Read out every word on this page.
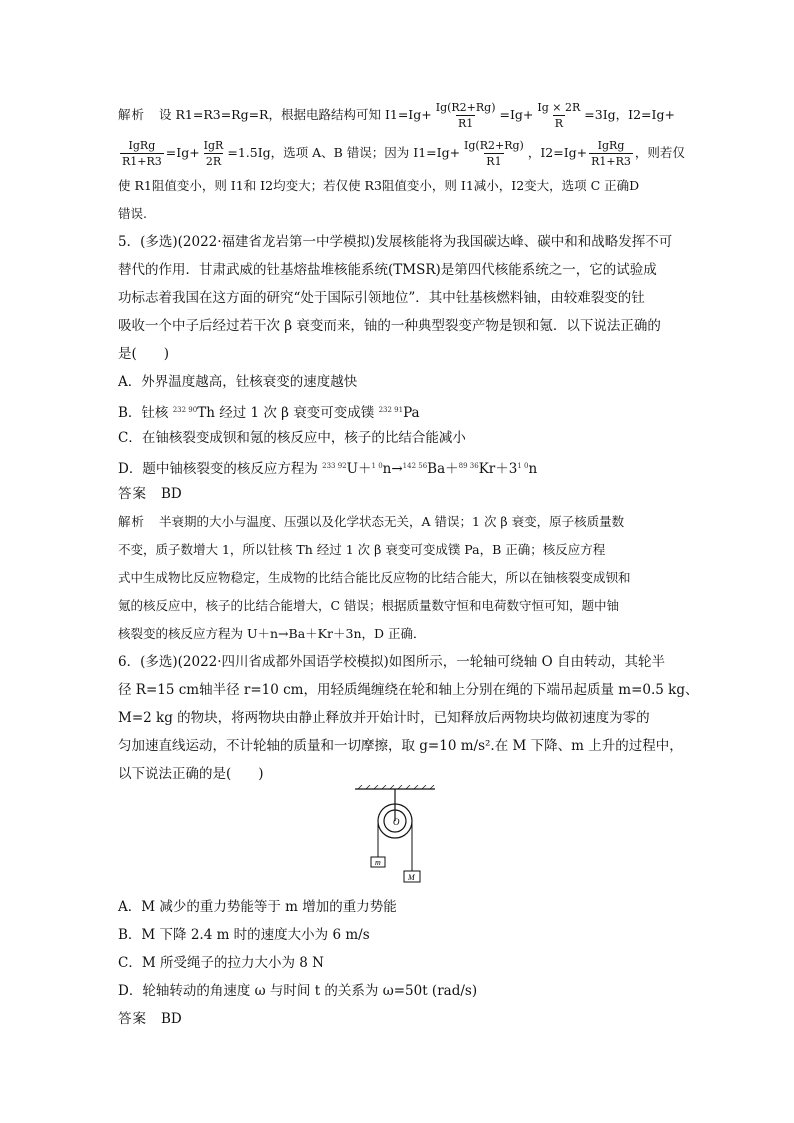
解析 设 R1=R3=Rg=R，根据电路结构可知 $I1=Ig+ \frac{Ig(R2+Rg)}{R1} =Ig+ \frac{Ig \times 2R}{R} =3Ig$，I2=Ig+
$\frac{\text{IgRg}}{R1+R3} =Ig+ \frac{\text{IgR}}{2R} =1.5Ig$，选项 A、B 错误；因为 $I1=Ig+ \frac{Ig(R2+Rg)}{R1}$ ，$I2=Ig+ \frac{\text{IgRg}}{R1+R3}$ ，则若仅
使 R1阻值变小，则 I1和 I2均变大；若仅使 R3阻值变小，则 I1减小，I2变大，选项 C 正确D
错误.
5．(多选)(2022·福建省龙岩第一中学模拟)发展核能将为我国碳达峰、碳中和和战略发挥不可
替代的作用．甘肃武威的钍基熔盐堆核能系统(TMSR)是第四代核能系统之一，它的试验成
功标志着我国在这方面的研究“处于国际引领地位”．其中钍基核燃料铀，由较难裂变的钍
吸收一个中子后经过若干次 β 衰变而来，铀的一种典型裂变产物是钡和氪．以下说法正确的
是(　　)
A．外界温度越高，钍核衰变的速度越快
B．钍核 $^{232 90}$Th 经过 1 次 β 衰变可变成镤 $^{232 91}$Pa
C．在铀核裂变成钡和氪的核反应中，核子的比结合能减小
D．题中铀核裂变的核反应方程为 $^{233 92}U+^{1 0}n\to^{142 56}Ba+^{89 36}Kr+3^{1 0}n$
答案 BD
解析 半衰期的大小与温度、压强以及化学状态无关，A 错误；1 次 β 衰变，原子核质量数
不变，质子数增大 1，所以钍核 Th 经过 1 次 β 衰变可变成镤 Pa，B 正确；核反应方程
式中生成物比反应物稳定，生成物的比结合能比反应物的比结合能大，所以在铀核裂变成钡和
氪的核反应中，核子的比结合能增大，C 错误；根据质量数守恒和电荷数守恒可知，题中铀
核裂变的核反应方程为 U＋n→Ba＋Kr＋3n，D 正确．
6．(多选)(2022·四川省成都外国语学校模拟)如图所示，一轮轴可绕轴 O 自由转动，其轮半
径 R=15 cm轴半径 r=10 cm，用轻质绳缠绕在轮和轴上分别在绳的下端吊起质量 m=0.5 kg、
M=2 kg 的物块，将两物块由静止释放并开始计时，已知释放后两物块均做初速度为零的
匀加速直线运动，不计轮轴的质量和一切摩擦，取 g=10 m/s².在 M 下降、m 上升的过程中，
以下说法正确的是(　　)
O
m
M
A．M 减少的重力势能等于 m 增加的重力势能
B．M 下降 2.4 m 时的速度大小为 6 m/s
C．M 所受绳子的拉力大小为 8 N
D．轮轴转动的角速度 ω 与时间 t 的关系为 ω=50t (rad/s)
答案 BD
